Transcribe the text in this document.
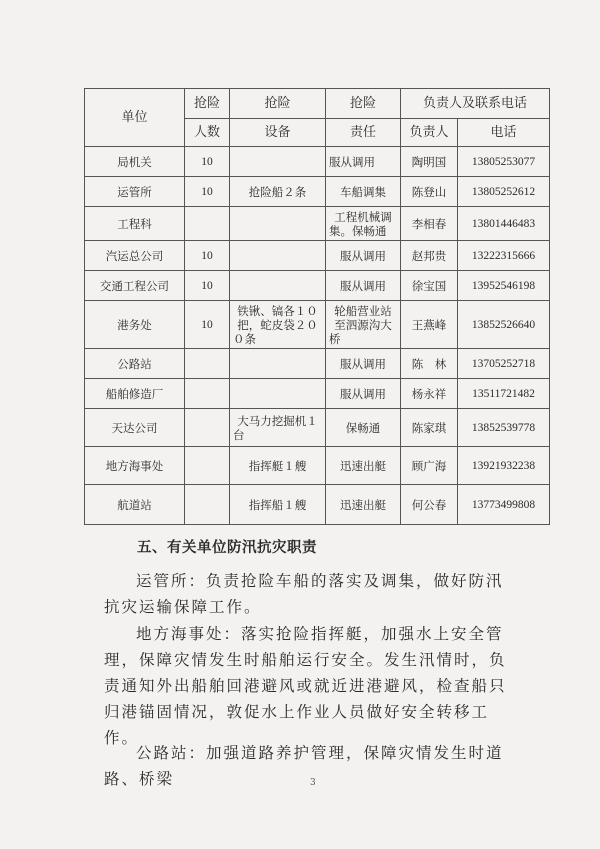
单位	抢险	抢险	抢险	负责人及联系电话	
	人数	设备	责任	负责人	电话
局机关	10		服从调用	陶明国	13805253077
运管所	10	抢险船２条	车船调集	陈登山	13805252612
工程科			工程机械调集。保畅通	李相春	13801446483
汽运总公司	10		服从调用	赵邦贵	13222315666
交通工程公司	10		服从调用	徐宝国	13952546198
港务处	10	铁锹、镐各１０把，蛇皮袋２００条	轮船营业站至泗源沟大桥	王燕峰	13852526640
公路站			服从调用	陈　林	13705252718
船舶修造厂			服从调用	杨永祥	13511721482
天达公司		大马力挖掘机１台	保畅通	陈家琪	13852539778
地方海事处		指挥艇１艘	迅速出艇	顾广海	13921932238
航道站		指挥船１艘	迅速出艇	何公春	13773499808
五、有关单位防汛抗灾职责

运管所：负责抢险车船的落实及调集，做好防汛抗灾运输保障工作。

地方海事处：落实抢险指挥艇，加强水上安全管理，保障灾情发生时船舶运行安全。发生汛情时，负责通知外出船舶回港避风或就近进港避风，检查船只归港锚固情况，敦促水上作业人员做好安全转移工作。

公路站：加强道路养护管理，保障灾情发生时道路、桥梁	3
